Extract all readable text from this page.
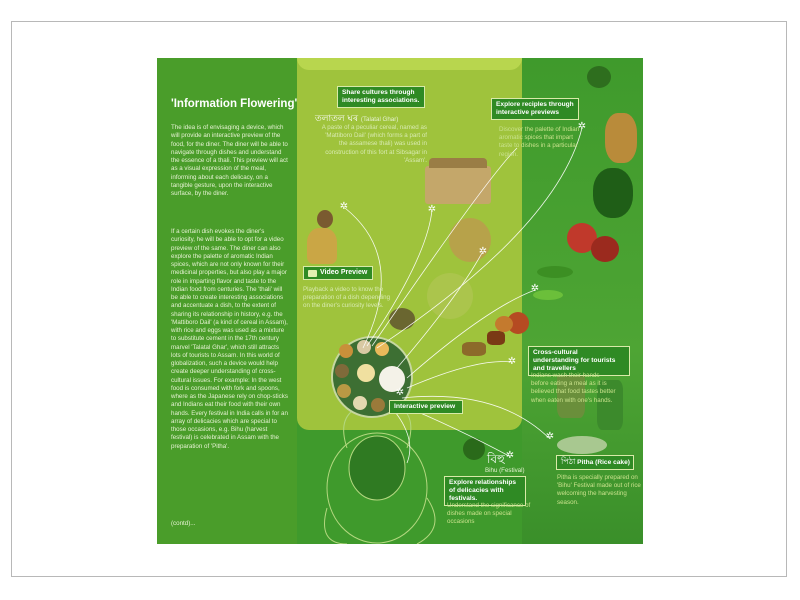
✲	✲
✲
✲
✲
✲
✲
✲
✲
'Information Flowering'
The idea is of envisaging a device, which will provide an interactive preview of the food, for the diner. The diner will be able to navigate through dishes and understand the essence of a thali. This preview will act as a visual expression of the meal, informing about each delicacy, on a tangible gesture, upon the interactive surface, by the diner.
If a certain dish evokes the diner's curiosity, he will be able to opt for a video preview of the same. The diner can also explore the palette of aromatic Indian spices, which are not only known for their medicinal properties, but also play a major role in imparting flavor and taste to the Indian food from centuries. The 'thali' will be able to create interesting associations and accentuate a dish, to the extent of sharing its relationship in history, e.g. the 'Mattiboro Dail' (a kind of cereal in Assam), with rice and eggs was used as a mixture to substitute cement in the 17th century marvel 'Talatal Ghar', which still attracts lots of tourists to Assam. In this world of globalization, such a device would help create deeper understanding of cross-cultural issues. For example: In the west food is consumed with fork and spoons, where as the Japanese rely on chop-sticks and Indians eat their food with their own hands. Every festival in India calls in for an array of delicacies which are special to those occasions, e.g. Bihu (harvest festival) is celebrated in Assam with the preparation of 'Pitha'.
(contd)...
Share cultures through interesting associations.
তলাতল ঘৰ (Talatal Ghar)
A paste of a peculiar cereal, named as 'Mattiboro Dail' (which forms a part of the assamese thali) was used in construction of this fort at Sibsagar in 'Assam'.
Explore reciples through interactive previews
Discover the palette of Indian aromatic spices that impart taste to dishes in a particular region.
Video Preview
Playback a video to know the preparation of a dish depending on the diner's curiosity levels.
Interactive preview
Cross-cultural understanding for tourists and travellers
Indians wash their hands before eating a meal as it is believed that food tastes better when eaten with one's hands.
বিহু
Bihu (Festival)
Explore relationships of delicacies with festivals.
Understand the significance of dishes made on special occasions
পিঠা Pitha (Rice cake)
Pitha is specially prepared on 'Bihu' Festival made out of rice welcoming the harvesting season.
